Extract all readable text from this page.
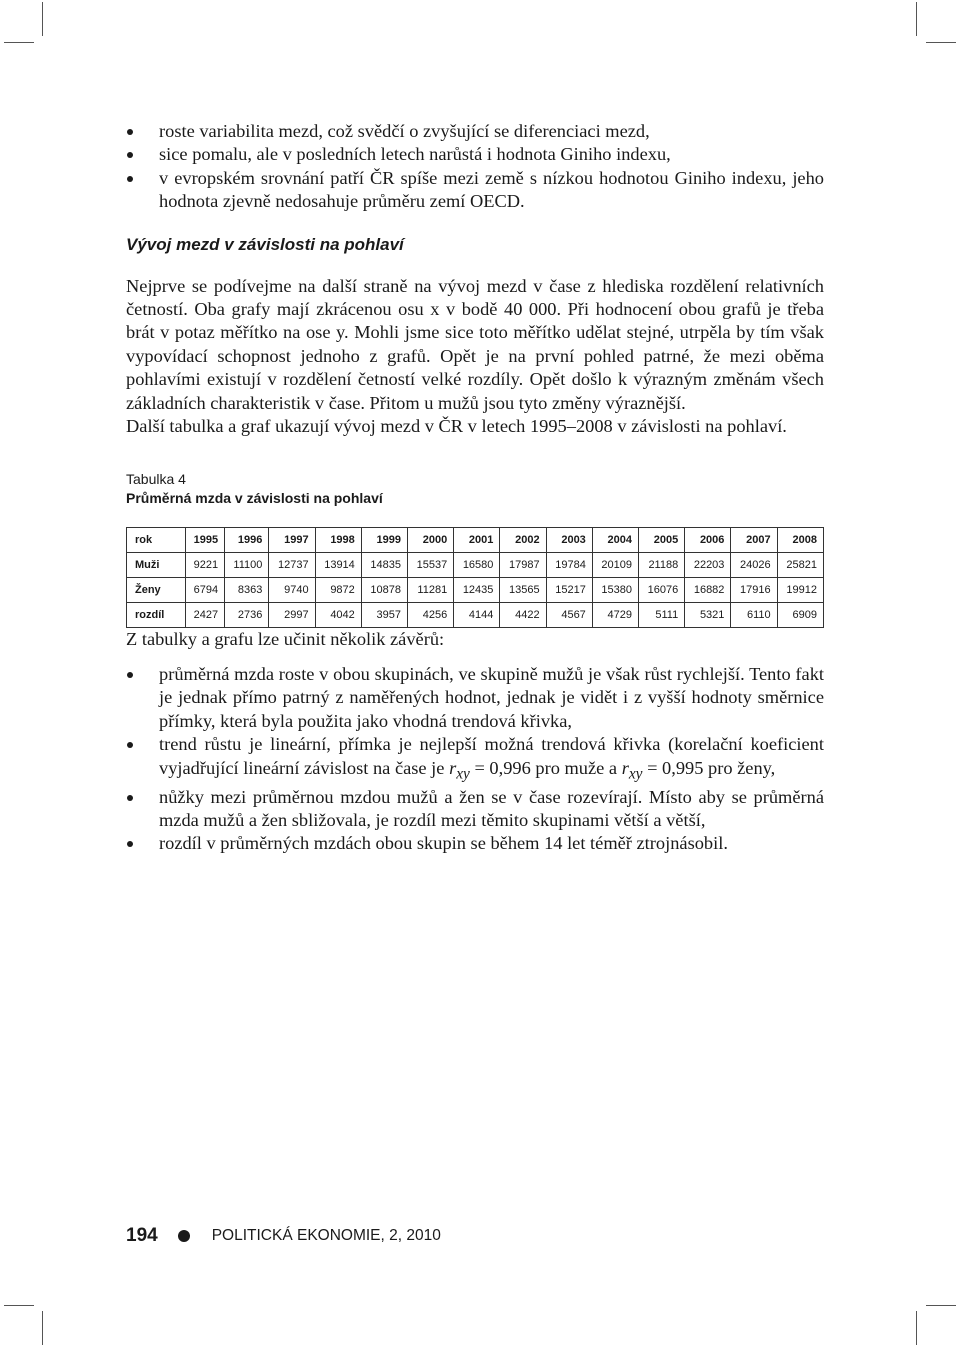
roste variabilita mezd, což svědčí o zvyšující se diferenciaci mezd,
sice pomalu, ale v posledních letech narůstá i hodnota Giniho indexu,
v evropském srovnání patří ČR spíše mezi země s nízkou hodnotou Giniho indexu, jeho hodnota zjevně nedosahuje průměru zemí OECD.
Vývoj mezd v závislosti na pohlaví

Nejprve se podívejme na další straně na vývoj mezd v čase z hlediska rozdělení relativních četností. Oba grafy mají zkrácenou osu x v bodě 40 000. Při hodnocení obou grafů je třeba brát v potaz měřítko na ose y. Mohli jsme sice toto měřítko udělat stejné, utrpěla by tím však vypovídací schopnost jednoho z grafů. Opět je na první pohled patrné, že mezi oběma pohlavími existují v rozdělení četností velké rozdíly. Opět došlo k výrazným změnám všech základních charakteristik v čase. Přitom u mužů jsou tyto změny výraznější.

Další tabulka a graf ukazují vývoj mezd v ČR v letech 1995–2008 v závislosti na pohlaví.

Tabulka 4
Průměrná mzda v závislosti na pohlaví
rok	1995	1996	1997	1998	1999	2000	2001	2002	2003	2004	2005	2006	2007	2008
Muži	9221	11100	12737	13914	14835	15537	16580	17987	19784	20109	21188	22203	24026	25821
Ženy	6794	8363	9740	9872	10878	11281	12435	13565	15217	15380	16076	16882	17916	19912
rozdíl	2427	2736	2997	4042	3957	4256	4144	4422	4567	4729	5111	5321	6110	6909

Z tabulky a grafu lze učinit několik závěrů:

průměrná mzda roste v obou skupinách, ve skupině mužů je však růst rychlejší. Tento fakt je jednak přímo patrný z naměřených hodnot, jednak je vidět i z vyšší hodnoty směrnice přímky, která byla použita jako vhodná trendová křivka,
trend růstu je lineární, přímka je nejlepší možná trendová křivka (korelační koeficient vyjadřující lineární závislost na čase je $r_{xy} = 0,996$ pro muže a $r_{xy} = 0,995$ pro ženy,
nůžky mezi průměrnou mzdou mužů a žen se v čase rozevírají. Místo aby se průměrná mzda mužů a žen sbližovala, je rozdíl mezi těmito skupinami větší a větší,
rozdíl v průměrných mzdách obou skupin se během 14 let téměř ztrojnásobil.
194	POLITICKÁ EKONOMIE, 2, 2010
